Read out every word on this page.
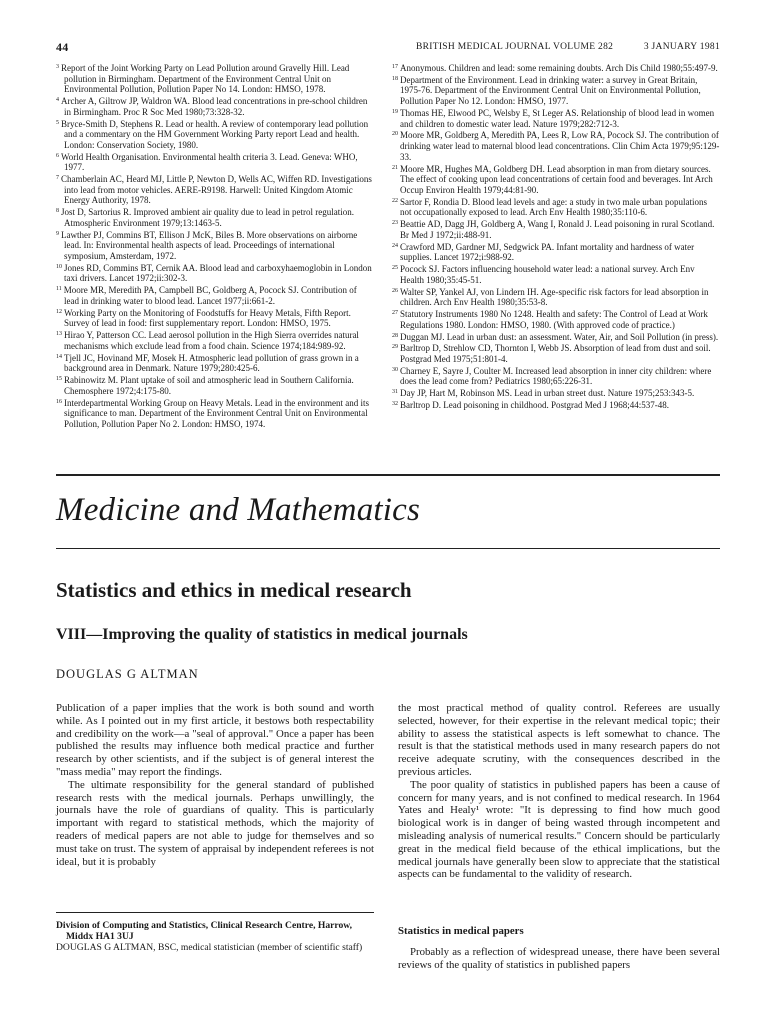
44	BRITISH MEDICAL JOURNAL VOLUME 282	3 JANUARY 1981
$^3$ Report of the Joint Working Party on Lead Pollution around Gravelly Hill. Lead pollution in Birmingham. Department of the Environment Central Unit on Environmental Pollution, Pollution Paper No 14. London: HMSO, 1978.
$^4$ Archer A, Giltrow JP, Waldron WA. Blood lead concentrations in pre-school children in Birmingham. Proc R Soc Med 1980;73:328-32.
$^5$ Bryce-Smith D, Stephens R. Lead or health. A review of contemporary lead pollution and a commentary on the HM Government Working Party report Lead and health. London: Conservation Society, 1980.
$^6$ World Health Organisation. Environmental health criteria 3. Lead. Geneva: WHO, 1977.
$^7$ Chamberlain AC, Heard MJ, Little P, Newton D, Wells AC, Wiffen RD. Investigations into lead from motor vehicles. AERE-R9198. Harwell: United Kingdom Atomic Energy Authority, 1978.
$^8$ Jost D, Sartorius R. Improved ambient air quality due to lead in petrol regulation. Atmospheric Environment 1979;13:1463-5.
$^9$ Lawther PJ, Commins BT, Ellison J McK, Biles B. More observations on airborne lead. In: Environmental health aspects of lead. Proceedings of international symposium, Amsterdam, 1972.
$^{10}$ Jones RD, Commins BT, Cernik AA. Blood lead and carboxyhaemoglobin in London taxi drivers. Lancet 1972;ii:302-3.
$^{11}$ Moore MR, Meredith PA, Campbell BC, Goldberg A, Pocock SJ. Contribution of lead in drinking water to blood lead. Lancet 1977;ii:661-2.
$^{12}$ Working Party on the Monitoring of Foodstuffs for Heavy Metals, Fifth Report. Survey of lead in food: first supplementary report. London: HMSO, 1975.
$^{13}$ Hirao Y, Patterson CC. Lead aerosol pollution in the High Sierra overrides natural mechanisms which exclude lead from a food chain. Science 1974;184:989-92.
$^{14}$ Tjell JC, Hovinand MF, Mosek H. Atmospheric lead pollution of grass grown in a background area in Denmark. Nature 1979;280:425-6.
$^{15}$ Rabinowitz M. Plant uptake of soil and atmospheric lead in Southern California. Chemosphere 1972;4:175-80.
$^{16}$ Interdepartmental Working Group on Heavy Metals. Lead in the environment and its significance to man. Department of the Environment Central Unit on Environmental Pollution, Pollution Paper No 2. London: HMSO, 1974.
$^{17}$ Anonymous. Children and lead: some remaining doubts. Arch Dis Child 1980;55:497-9.
$^{18}$ Department of the Environment. Lead in drinking water: a survey in Great Britain, 1975-76. Department of the Environment Central Unit on Environmental Pollution, Pollution Paper No 12. London: HMSO, 1977.
$^{19}$ Thomas HE, Elwood PC, Welsby E, St Leger AS. Relationship of blood lead in women and children to domestic water lead. Nature 1979;282:712-3.
$^{20}$ Moore MR, Goldberg A, Meredith PA, Lees R, Low RA, Pocock SJ. The contribution of drinking water lead to maternal blood lead concentrations. Clin Chim Acta 1979;95:129-33.
$^{21}$ Moore MR, Hughes MA, Goldberg DH. Lead absorption in man from dietary sources. The effect of cooking upon lead concentrations of certain food and beverages. Int Arch Occup Environ Health 1979;44:81-90.
$^{22}$ Sartor F, Rondia D. Blood lead levels and age: a study in two male urban populations not occupationally exposed to lead. Arch Env Health 1980;35:110-6.
$^{23}$ Beattie AD, Dagg JH, Goldberg A, Wang I, Ronald J. Lead poisoning in rural Scotland. Br Med J 1972;ii:488-91.
$^{24}$ Crawford MD, Gardner MJ, Sedgwick PA. Infant mortality and hardness of water supplies. Lancet 1972;i:988-92.
$^{25}$ Pocock SJ. Factors influencing household water lead: a national survey. Arch Env Health 1980;35:45-51.
$^{26}$ Walter SP, Yankel AJ, von Lindern IH. Age-specific risk factors for lead absorption in children. Arch Env Health 1980;35:53-8.
$^{27}$ Statutory Instruments 1980 No 1248. Health and safety: The Control of Lead at Work Regulations 1980. London: HMSO, 1980. (With approved code of practice.)
$^{28}$ Duggan MJ. Lead in urban dust: an assessment. Water, Air, and Soil Pollution (in press).
$^{29}$ Barltrop D, Strehlow CD, Thornton I, Webb JS. Absorption of lead from dust and soil. Postgrad Med 1975;51:801-4.
$^{30}$ Charney E, Sayre J, Coulter M. Increased lead absorption in inner city children: where does the lead come from? Pediatrics 1980;65:226-31.
$^{31}$ Day JP, Hart M, Robinson MS. Lead in urban street dust. Nature 1975;253:343-5.
$^{32}$ Barltrop D. Lead poisoning in childhood. Postgrad Med J 1968;44:537-48.
Medicine and Mathematics
Statistics and ethics in medical research
VIII—Improving the quality of statistics in medical journals
DOUGLAS G ALTMAN

Publication of a paper implies that the work is both sound and worth while. As I pointed out in my first article, it bestows both respectability and credibility on the work—a "seal of approval." Once a paper has been published the results may influence both medical practice and further research by other scientists, and if the subject is of general interest the "mass media" may report the findings.

The ultimate responsibility for the general standard of published research rests with the medical journals. Perhaps unwillingly, the journals have the role of guardians of quality. This is particularly important with regard to statistical methods, which the majority of readers of medical papers are not able to judge for themselves and so must take on trust. The system of appraisal by independent referees is not ideal, but it is probably

the most practical method of quality control. Referees are usually selected, however, for their expertise in the relevant medical topic; their ability to assess the statistical aspects is left somewhat to chance. The result is that the statistical methods used in many research papers do not receive adequate scrutiny, with the consequences described in the previous articles.

The poor quality of statistics in published papers has been a cause of concern for many years, and is not confined to medical research. In 1964 Yates and Healy¹ wrote: "It is depressing to find how much good biological work is in danger of being wasted through incompetent and misleading analysis of numerical results." Concern should be particularly great in the medical field because of the ethical implications, but the medical journals have generally been slow to appreciate that the statistical aspects can be fundamental to the validity of research.

Division of Computing and Statistics, Clinical Research Centre, Harrow, Middx HA1 3UJ
DOUGLAS G ALTMAN, BSC, medical statistician (member of scientific staff)
Statistics in medical papers

Probably as a reflection of widespread unease, there have been several reviews of the quality of statistics in published papers
